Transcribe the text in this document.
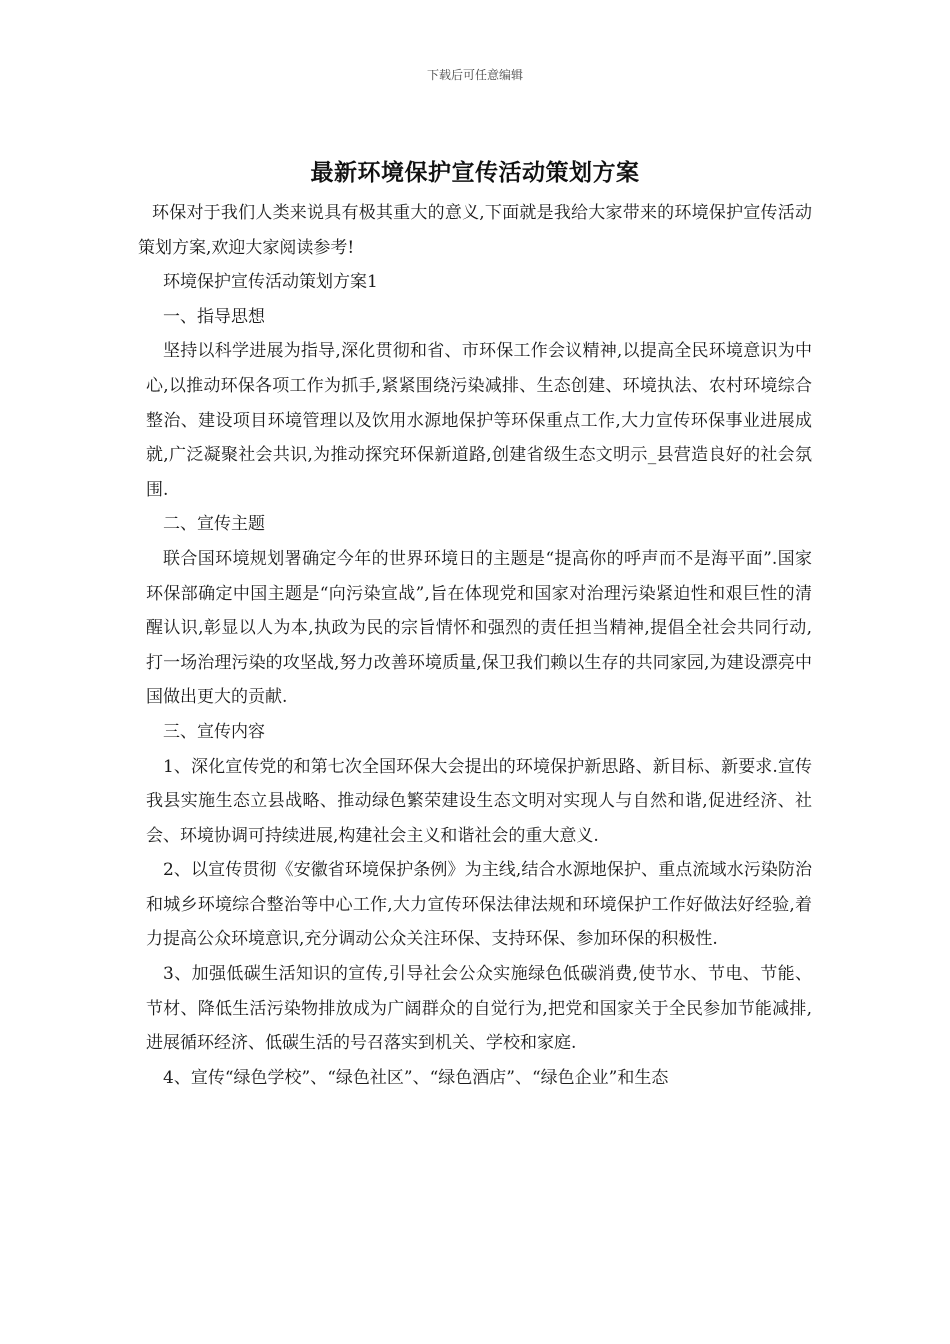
下载后可任意编辑
最新环境保护宣传活动策划方案

环保对于我们人类来说具有极其重大的意义,下面就是我给大家带来的环境保护宣传活动策划方案,欢迎大家阅读参考!

环境保护宣传活动策划方案1

一、指导思想

坚持以科学进展为指导,深化贯彻和省、市环保工作会议精神,以提高全民环境意识为中心,以推动环保各项工作为抓手,紧紧围绕污染减排、生态创建、环境执法、农村环境综合整治、建设项目环境管理以及饮用水源地保护等环保重点工作,大力宣传环保事业进展成就,广泛凝聚社会共识,为推动探究环保新道路,创建省级生态文明示_县营造良好的社会氛围.

二、宣传主题

联合国环境规划署确定今年的世界环境日的主题是“提高你的呼声而不是海平面”.国家环保部确定中国主题是“向污染宣战”,旨在体现党和国家对治理污染紧迫性和艰巨性的清醒认识,彰显以人为本,执政为民的宗旨情怀和强烈的责任担当精神,提倡全社会共同行动,打一场治理污染的攻坚战,努力改善环境质量,保卫我们赖以生存的共同家园,为建设漂亮中国做出更大的贡献.

三、宣传内容

1、深化宣传党的和第七次全国环保大会提出的环境保护新思路、新目标、新要求.宣传我县实施生态立县战略、推动绿色繁荣建设生态文明对实现人与自然和谐,促进经济、社会、环境协调可持续进展,构建社会主义和谐社会的重大意义.

2、以宣传贯彻《安徽省环境保护条例》为主线,结合水源地保护、重点流域水污染防治和城乡环境综合整治等中心工作,大力宣传环保法律法规和环境保护工作好做法好经验,着力提高公众环境意识,充分调动公众关注环保、支持环保、参加环保的积极性.

3、加强低碳生活知识的宣传,引导社会公众实施绿色低碳消费,使节水、节电、节能、节材、降低生活污染物排放成为广阔群众的自觉行为,把党和国家关于全民参加节能减排,进展循环经济、低碳生活的号召落实到机关、学校和家庭.

4、宣传“绿色学校”、“绿色社区”、“绿色酒店”、“绿色企业”和生态
